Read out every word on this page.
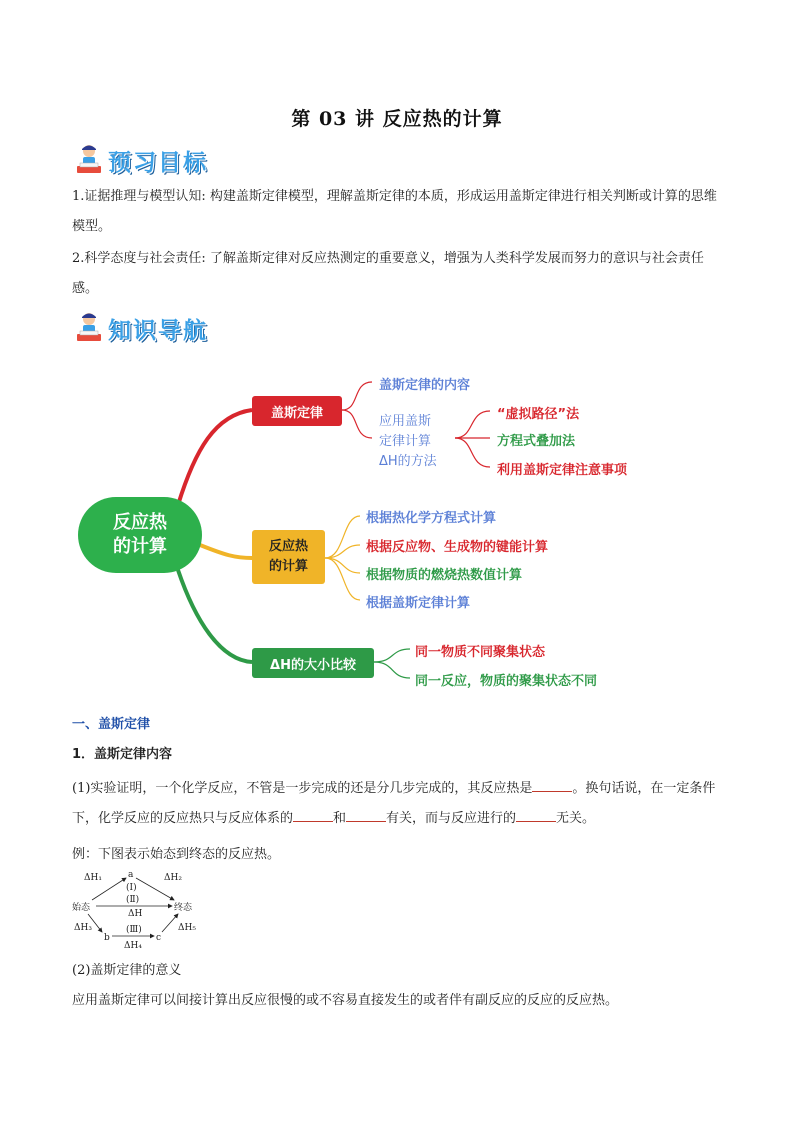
第 03 讲 反应热的计算
预习目标
1.证据推理与模型认知: 构建盖斯定律模型，理解盖斯定律的本质，形成运用盖斯定律进行相关判断或计算的思维模型。
2.科学态度与社会责任: 了解盖斯定律对反应热测定的重要意义，增强为人类科学发展而努力的意识与社会责任感。
知识导航
反应热的计算
盖斯定律
反应热的计算
ΔH的大小比较
盖斯定律的内容
应用盖斯定律计算ΔH的方法
“虚拟路径”法
方程式叠加法
利用盖斯定律注意事项
根据热化学方程式计算
根据反应物、生成物的键能计算
根据物质的燃烧热数值计算
根据盖斯定律计算
同一物质不同聚集状态
同一反应，物质的聚集状态不同
一、盖斯定律
1．盖斯定律内容
(1)实验证明，一个化学反应，不管是一步完成的还是分几步完成的，其反应热是	。换句话说，在一定条件下，化学反应的反应热只与反应体系的	和	有关，而与反应进行的	无关。
例：下图表示始态到终态的反应热。
始态	终态
a
b	c
ΔH₁	ΔH₂
(Ⅰ)
(Ⅱ)
ΔH
ΔH₃	(Ⅲ)
ΔH₄
ΔH₅
(2)盖斯定律的意义
应用盖斯定律可以间接计算出反应很慢的或不容易直接发生的或者伴有副反应的反应的反应热。
